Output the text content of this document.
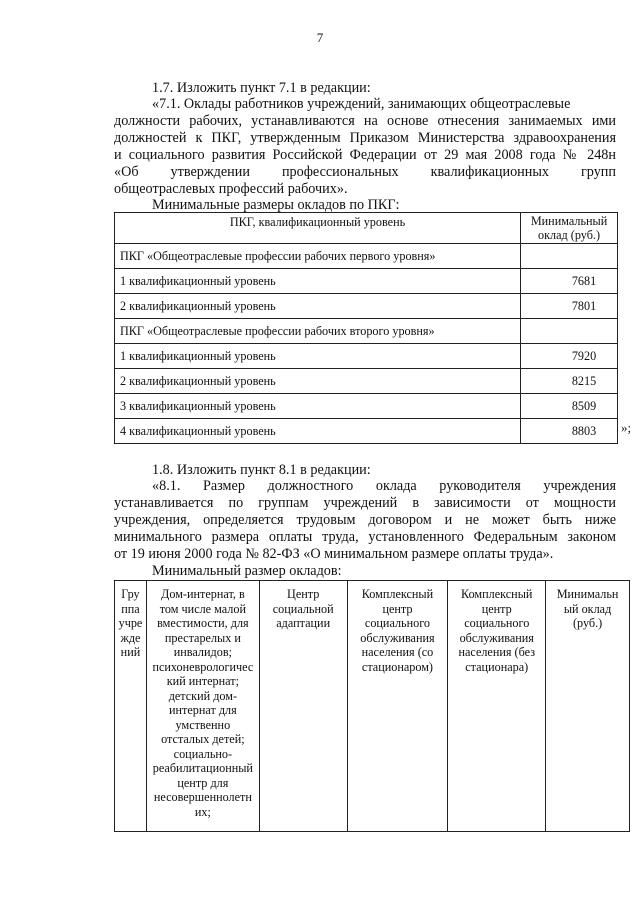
7
1.7. Изложить пункт 7.1 в редакции:
«7.1. Оклады работников учреждений, занимающих общеотраслевые
должности рабочих, устанавливаются на основе отнесения занимаемых ими
должностей к ПКГ, утвержденным Приказом Министерства здравоохранения
и социального развития Российской Федерации от 29 мая 2008 года № 248н
«Об утверждении профессиональных квалификационных групп
общеотраслевых профессий рабочих».
Минимальные размеры окладов по ПКГ:
ПКГ, квалификационный уровень	Минимальный
оклад (руб.)
ПКГ «Общеотраслевые профессии рабочих первого уровня»	
1 квалификационный уровень	7681
2 квалификационный уровень	7801
ПКГ «Общеотраслевые профессии рабочих второго уровня»	
1 квалификационный уровень	7920
2 квалификационный уровень	8215
3 квалификационный уровень	8509
4 квалификационный уровень	8803 »;
1.8. Изложить пункт 8.1 в редакции:
«8.1. Размер должностного оклада руководителя учреждения
устанавливается по группам учреждений в зависимости от мощности
учреждения, определяется трудовым договором и не может быть ниже
минимального размера оплаты труда, установленного Федеральным законом
от 19 июня 2000 года № 82-ФЗ «О минимальном размере оплаты труда».
Минимальный размер окладов:
Гру
ппа
учре
жде
ний	Дом-интернат, в
том числе малой
вместимости, для
престарелых и
инвалидов;
психоневрологичес
кий интернат;
детский дом-
интернат для
умственно
отсталых детей;
социально-
реабилитационный
центр для
несовершеннолетн
их;	Центр
социальной
адаптации	Комплексный
центр
социального
обслуживания
населения (со
стационаром)	Комплексный
центр
социального
обслуживания
населения (без
стационара)	Минимальн
ый оклад
(руб.)
